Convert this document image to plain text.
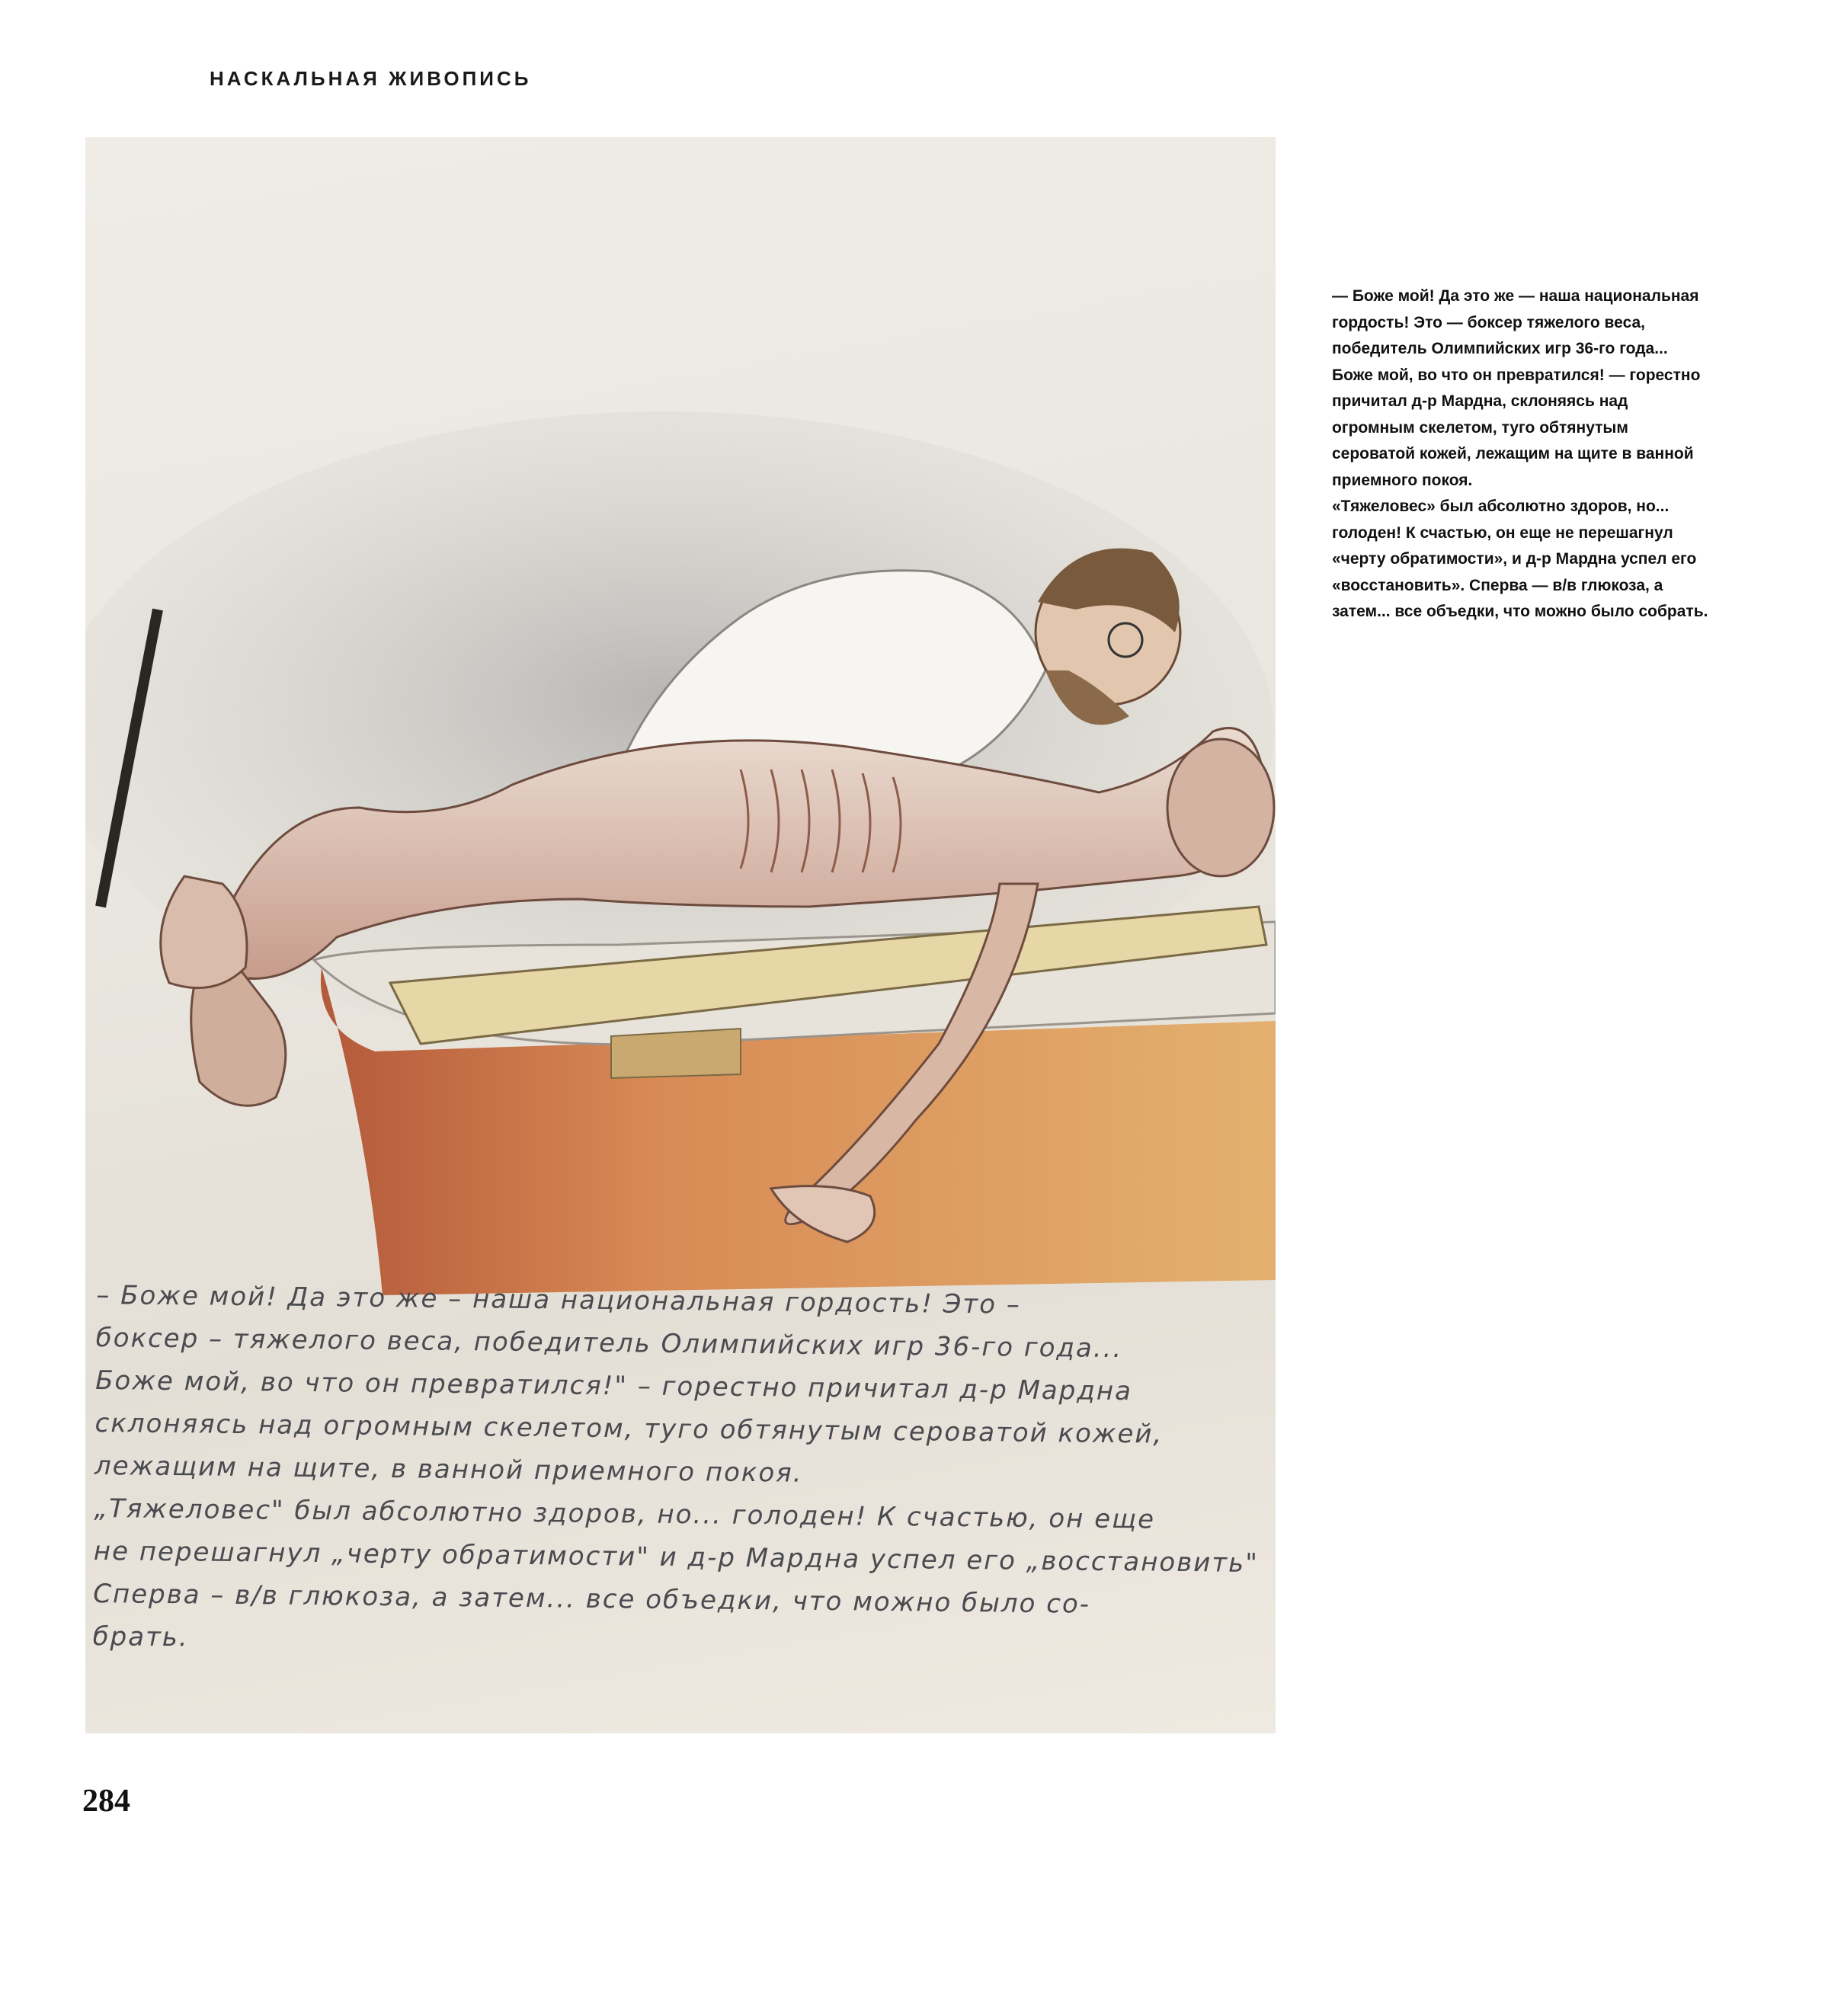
НАСКАЛЬНАЯ ЖИВОПИСЬ
– Боже мой! Да это же – наша национальная гордость! Это –
боксер – тяжелого веса, победитель Олимпийских игр 36-го года...
Боже мой, во что он превратился!" – горестно причитал д-р Мардна
склоняясь над огромным скелетом, туго обтянутым сероватой кожей,
лежащим на щите, в ванной приемного покоя.
„Тяжеловес" был абсолютно здоров, но... голоден! К счастью, он еще
не перешагнул „черту обратимости" и д-р Мардна успел его „восстановить"
Сперва – в/в глюкоза, а затем... все объедки, что можно было со-
брать.

— Боже мой! Да это же — наша национальная гордость! Это — боксер тяжелого веса, победитель Олимпийских игр 36-го года... Боже мой, во что он превратился! — горестно причитал д-р Мардна, склоняясь над огромным скелетом, туго обтянутым сероватой кожей, лежащим на щите в ванной приемного покоя.

«Тяжеловес» был абсолютно здоров, но... голоден! К счастью, он еще не перешагнул «черту обратимости», и д-р Мардна успел его «восстановить». Сперва — в/в глюкоза, а затем... все объедки, что можно было собрать.

284
